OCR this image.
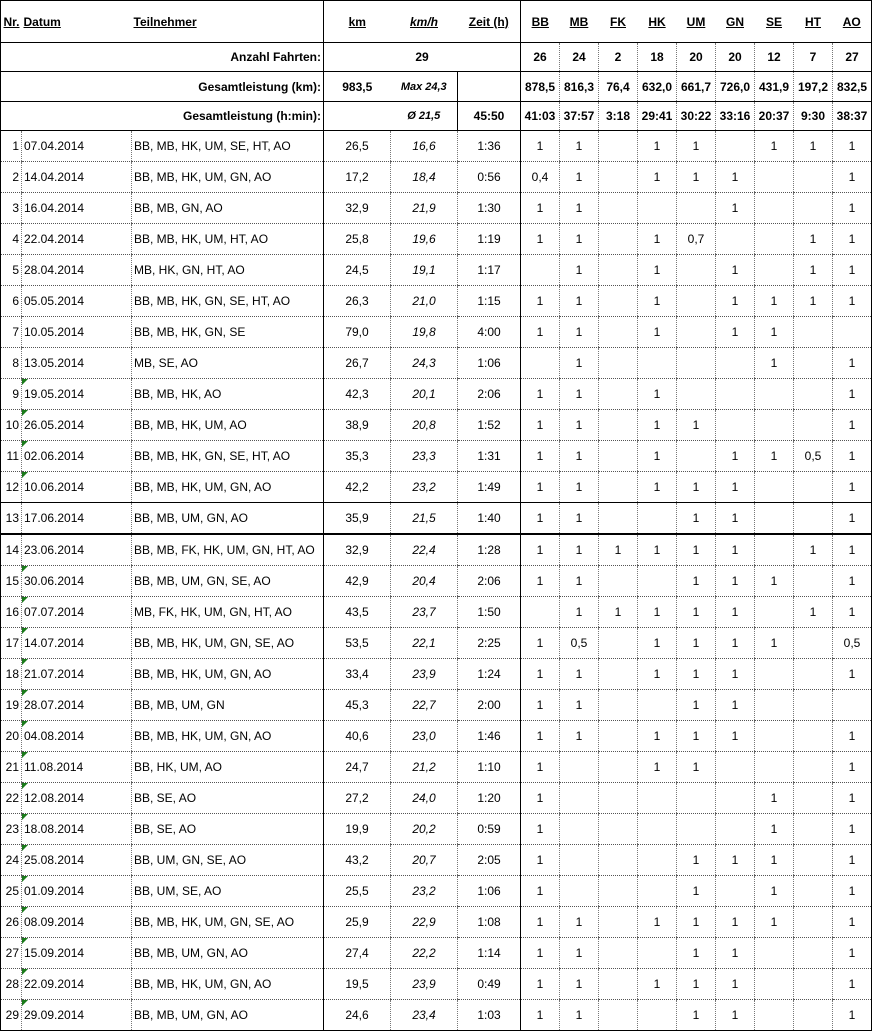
Nr.	Datum	Teilnehmer	km	km/h	Zeit (h)	BB	MB	FK	HK	UM	GN	SE	HT	AO
Anzahl Fahrten:			29			26	24	2	18	20	20	12	7	27
Gesamtleistung (km):			983,5	Max 24,3		878,5	816,3	76,4	632,0	661,7	726,0	431,9	197,2	832,5
Gesamtleistung (h:min):				Ø 21,5	45:50	41:03	37:57	3:18	29:41	30:22	33:16	20:37	9:30	38:37
1	07.04.2014	BB, MB, HK, UM, SE, HT, AO	26,5	16,6	1:36	1	1		1	1		1	1	1
2	14.04.2014	BB, MB, HK, UM, GN, AO	17,2	18,4	0:56	0,4	1		1	1	1			1
3	16.04.2014	BB, MB, GN, AO	32,9	21,9	1:30	1	1				1			1
4	22.04.2014	BB, MB, HK, UM, HT, AO	25,8	19,6	1:19	1	1		1	0,7			1	1
5	28.04.2014	MB, HK, GN, HT, AO	24,5	19,1	1:17		1		1		1		1	1
6	05.05.2014	BB, MB, HK, GN, SE, HT, AO	26,3	21,0	1:15	1	1		1		1	1	1	1
7	10.05.2014	BB, MB, HK, GN, SE	79,0	19,8	4:00	1	1		1		1	1		
8	13.05.2014	MB, SE, AO	26,7	24,3	1:06		1					1		1
9	19.05.2014	BB, MB, HK, AO	42,3	20,1	2:06	1	1		1					1
10	26.05.2014	BB, MB, HK, UM, AO	38,9	20,8	1:52	1	1		1	1				1
11	02.06.2014	BB, MB, HK, GN, SE, HT, AO	35,3	23,3	1:31	1	1		1		1	1	0,5	1
12	10.06.2014	BB, MB, HK, UM, GN, AO	42,2	23,2	1:49	1	1		1	1	1			1
13	17.06.2014	BB, MB, UM, GN, AO	35,9	21,5	1:40	1	1			1	1			1
14	23.06.2014	BB, MB, FK, HK, UM, GN, HT, AO	32,9	22,4	1:28	1	1	1	1	1	1		1	1
15	30.06.2014	BB, MB, UM, GN, SE, AO	42,9	20,4	2:06	1	1			1	1	1		1
16	07.07.2014	MB, FK, HK, UM, GN, HT, AO	43,5	23,7	1:50		1	1	1	1	1		1	1
17	14.07.2014	BB, MB, HK, UM, GN, SE, AO	53,5	22,1	2:25	1	0,5		1	1	1	1		0,5
18	21.07.2014	BB, MB, HK, UM, GN, AO	33,4	23,9	1:24	1	1		1	1	1			1
19	28.07.2014	BB, MB, UM, GN	45,3	22,7	2:00	1	1			1	1			
20	04.08.2014	BB, MB, HK, UM, GN, AO	40,6	23,0	1:46	1	1		1	1	1			1
21	11.08.2014	BB, HK, UM, AO	24,7	21,2	1:10	1			1	1				1
22	12.08.2014	BB, SE, AO	27,2	24,0	1:20	1						1		1
23	18.08.2014	BB, SE, AO	19,9	20,2	0:59	1						1		1
24	25.08.2014	BB, UM, GN, SE, AO	43,2	20,7	2:05	1				1	1	1		1
25	01.09.2014	BB, UM, SE, AO	25,5	23,2	1:06	1				1		1		1
26	08.09.2014	BB, MB, HK, UM, GN, SE, AO	25,9	22,9	1:08	1	1		1	1	1	1		1
27	15.09.2014	BB, MB, UM, GN, AO	27,4	22,2	1:14	1	1			1	1			1
28	22.09.2014	BB, MB, HK, UM, GN, AO	19,5	23,9	0:49	1	1		1	1	1			1
29	29.09.2014	BB, MB, UM, GN, AO	24,6	23,4	1:03	1	1			1	1			1
